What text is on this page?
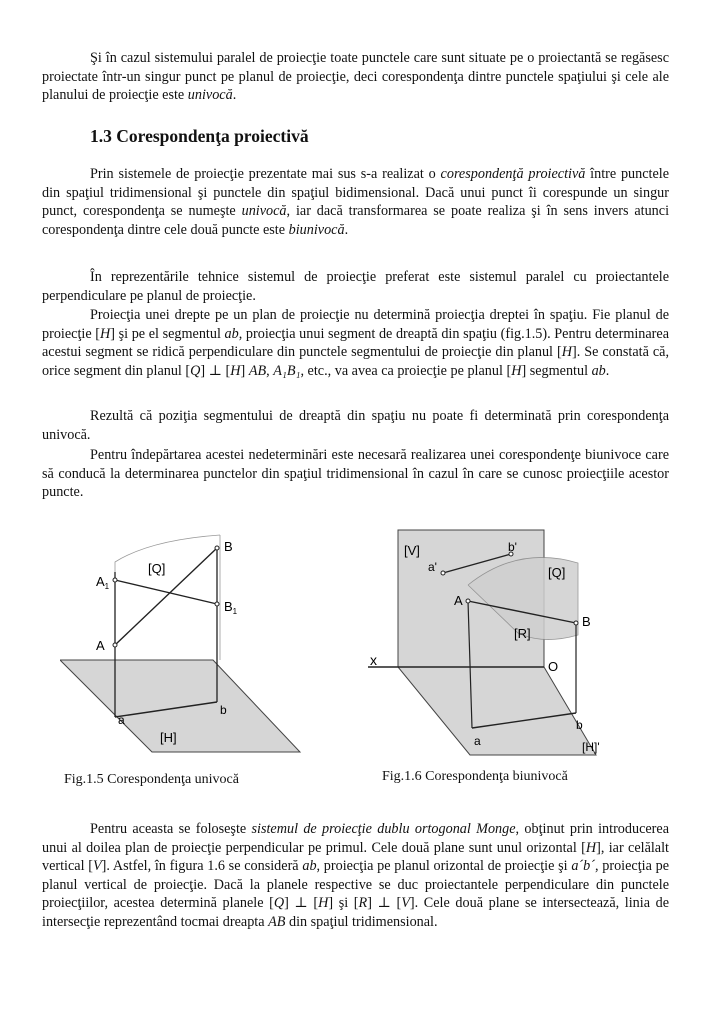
Şi în cazul sistemului paralel de proiecţie toate punctele care sunt situate pe o proiectantă se regăsesc proiectate într-un singur punct pe planul de proiecţie, deci corespondenţa dintre punctele spaţiului şi cele ale planului de proiecţie este univocă.

1.3 Corespondenţa proiectivă

Prin sistemele de proiecţie prezentate mai sus s-a realizat o corespondenţă proiectivă între punctele din spaţiul tridimensional şi punctele din spaţiul bidimensional. Dacă unui punct îi corespunde un singur punct, corespondenţa se numeşte univocă, iar dacă transformarea se poate realiza şi în sens invers atunci corespondenţa dintre cele două puncte este biunivocă.

În reprezentările tehnice sistemul de proiecţie preferat este sistemul paralel cu proiectantele perpendiculare pe planul de proiecţie.

Proiecţia unei drepte pe un plan de proiecţie nu determină proiecţia dreptei în spaţiu. Fie planul de proiecţie [H] şi pe el segmentul ab, proiecţia unui segment de dreaptă din spaţiu (fig.1.5). Pentru determinarea acestui segment se ridică perpendiculare din punctele segmentului de proiecţie din planul [H]. Se constată că, orice segment din planul [Q] ⊥ [H] AB, A₁B₁, etc., va avea ca proiecţie pe planul [H] segmentul ab.

Rezultă că poziţia segmentului de dreaptă din spaţiu nu poate fi determinată prin corespondenţa univocă.

Pentru îndepărtarea acestei nedeterminări este necesară realizarea unei corespondenţe biunivoce care să conducă la determinarea punctelor din spaţiul tridimensional în cazul în care se cunosc proiecţiile acestor puncte.

B
$A_1$
[Q]
$B_1$
A
a
b
[H]
Fig.1.5 Corespondenţa univocă
[V]	b'
a'	[Q]
A
[R]
B
x	O
b
a	[H]'
Fig.1.6 Corespondenţa biunivocă

Pentru aceasta se foloseşte sistemul de proiecţie dublu ortogonal Monge, obţinut prin introducerea unui al doilea plan de proiecţie perpendicular pe primul. Cele două plane sunt unul orizontal [H], iar celălalt vertical [V]. Astfel, în figura 1.6 se consideră ab, proiecţia pe planul orizontal de proiecţie şi a´b´, proiecţia pe planul vertical de proiecţie. Dacă la planele respective se duc proiectantele perpendiculare din punctele proiecţiilor, acestea determină planele [Q] ⊥ [H] şi [R] ⊥ [V]. Cele două plane se intersectează, linia de intersecţie reprezentând tocmai dreapta AB din spaţiul tridimensional.
